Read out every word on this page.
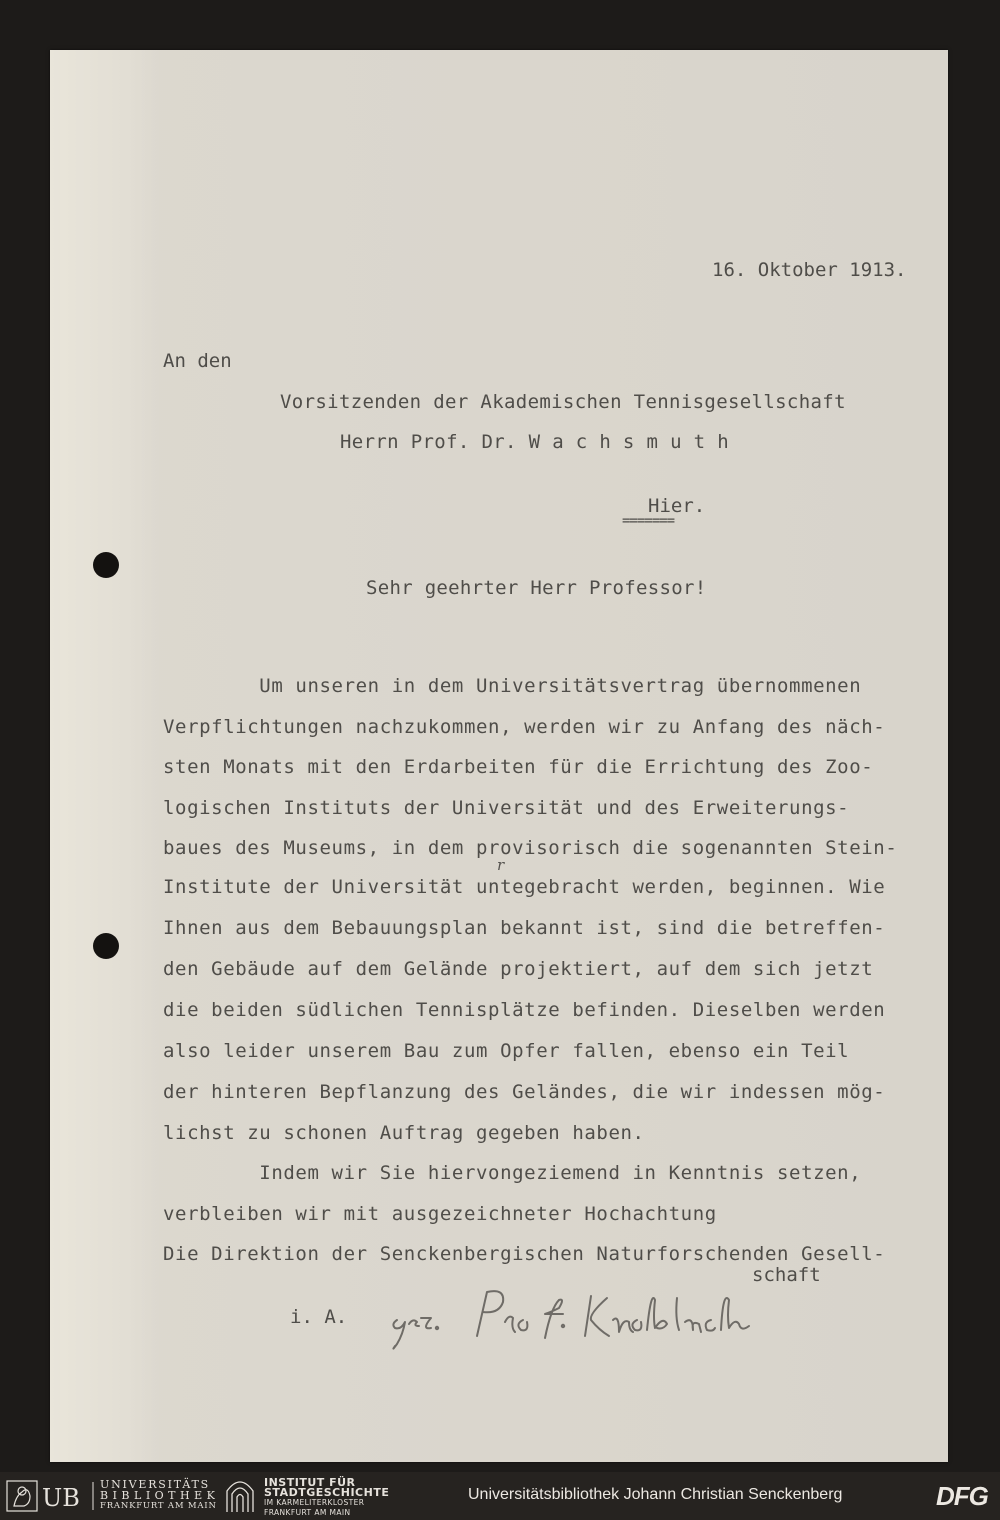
16. Oktober 1913.
An den
Vorsitzenden der Akademischen Tennisgesellschaft
Herrn Prof. Dr. W a c h s m u t h
Hier.
=======
Sehr geehrter Herr Professor!
Um unseren in dem Universitätsvertrag übernommenen
Verpflichtungen nachzukommen, werden wir zu Anfang des näch-
sten Monats mit den Erdarbeiten für die Errichtung des Zoo-
logischen Instituts der Universität und des Erweiterungs-
baues des Museums, in dem provisorisch die sogenannten Stein-
Institute der Universität untegebracht werden, beginnen. Wie
Ihnen aus dem Bebauungsplan bekannt ist, sind die betreffen-
den Gebäude auf dem Gelände projektiert, auf dem sich jetzt
die beiden südlichen Tennisplätze befinden. Dieselben werden
also leider unserem Bau zum Opfer fallen, ebenso ein Teil
der hinteren Bepflanzung des Geländes, die wir indessen mög-
lichst zu schonen Auftrag gegeben haben.
Indem wir Sie hiervongeziemend in Kenntnis setzen,
verbleiben wir mit ausgezeichneter Hochachtung
Die Direktion der Senckenbergischen Naturforschenden Gesell-
r
schaft
i. A.
UB UNIVERSITÄTS
BIBLIOTHEK
FRANKFURT AM MAIN
INSTITUT FÜR
STADTGESCHICHTE
IM KARMELITERKLOSTER
FRANKFURT AM MAIN
Universitätsbibliothek Johann Christian Senckenberg	DFG
